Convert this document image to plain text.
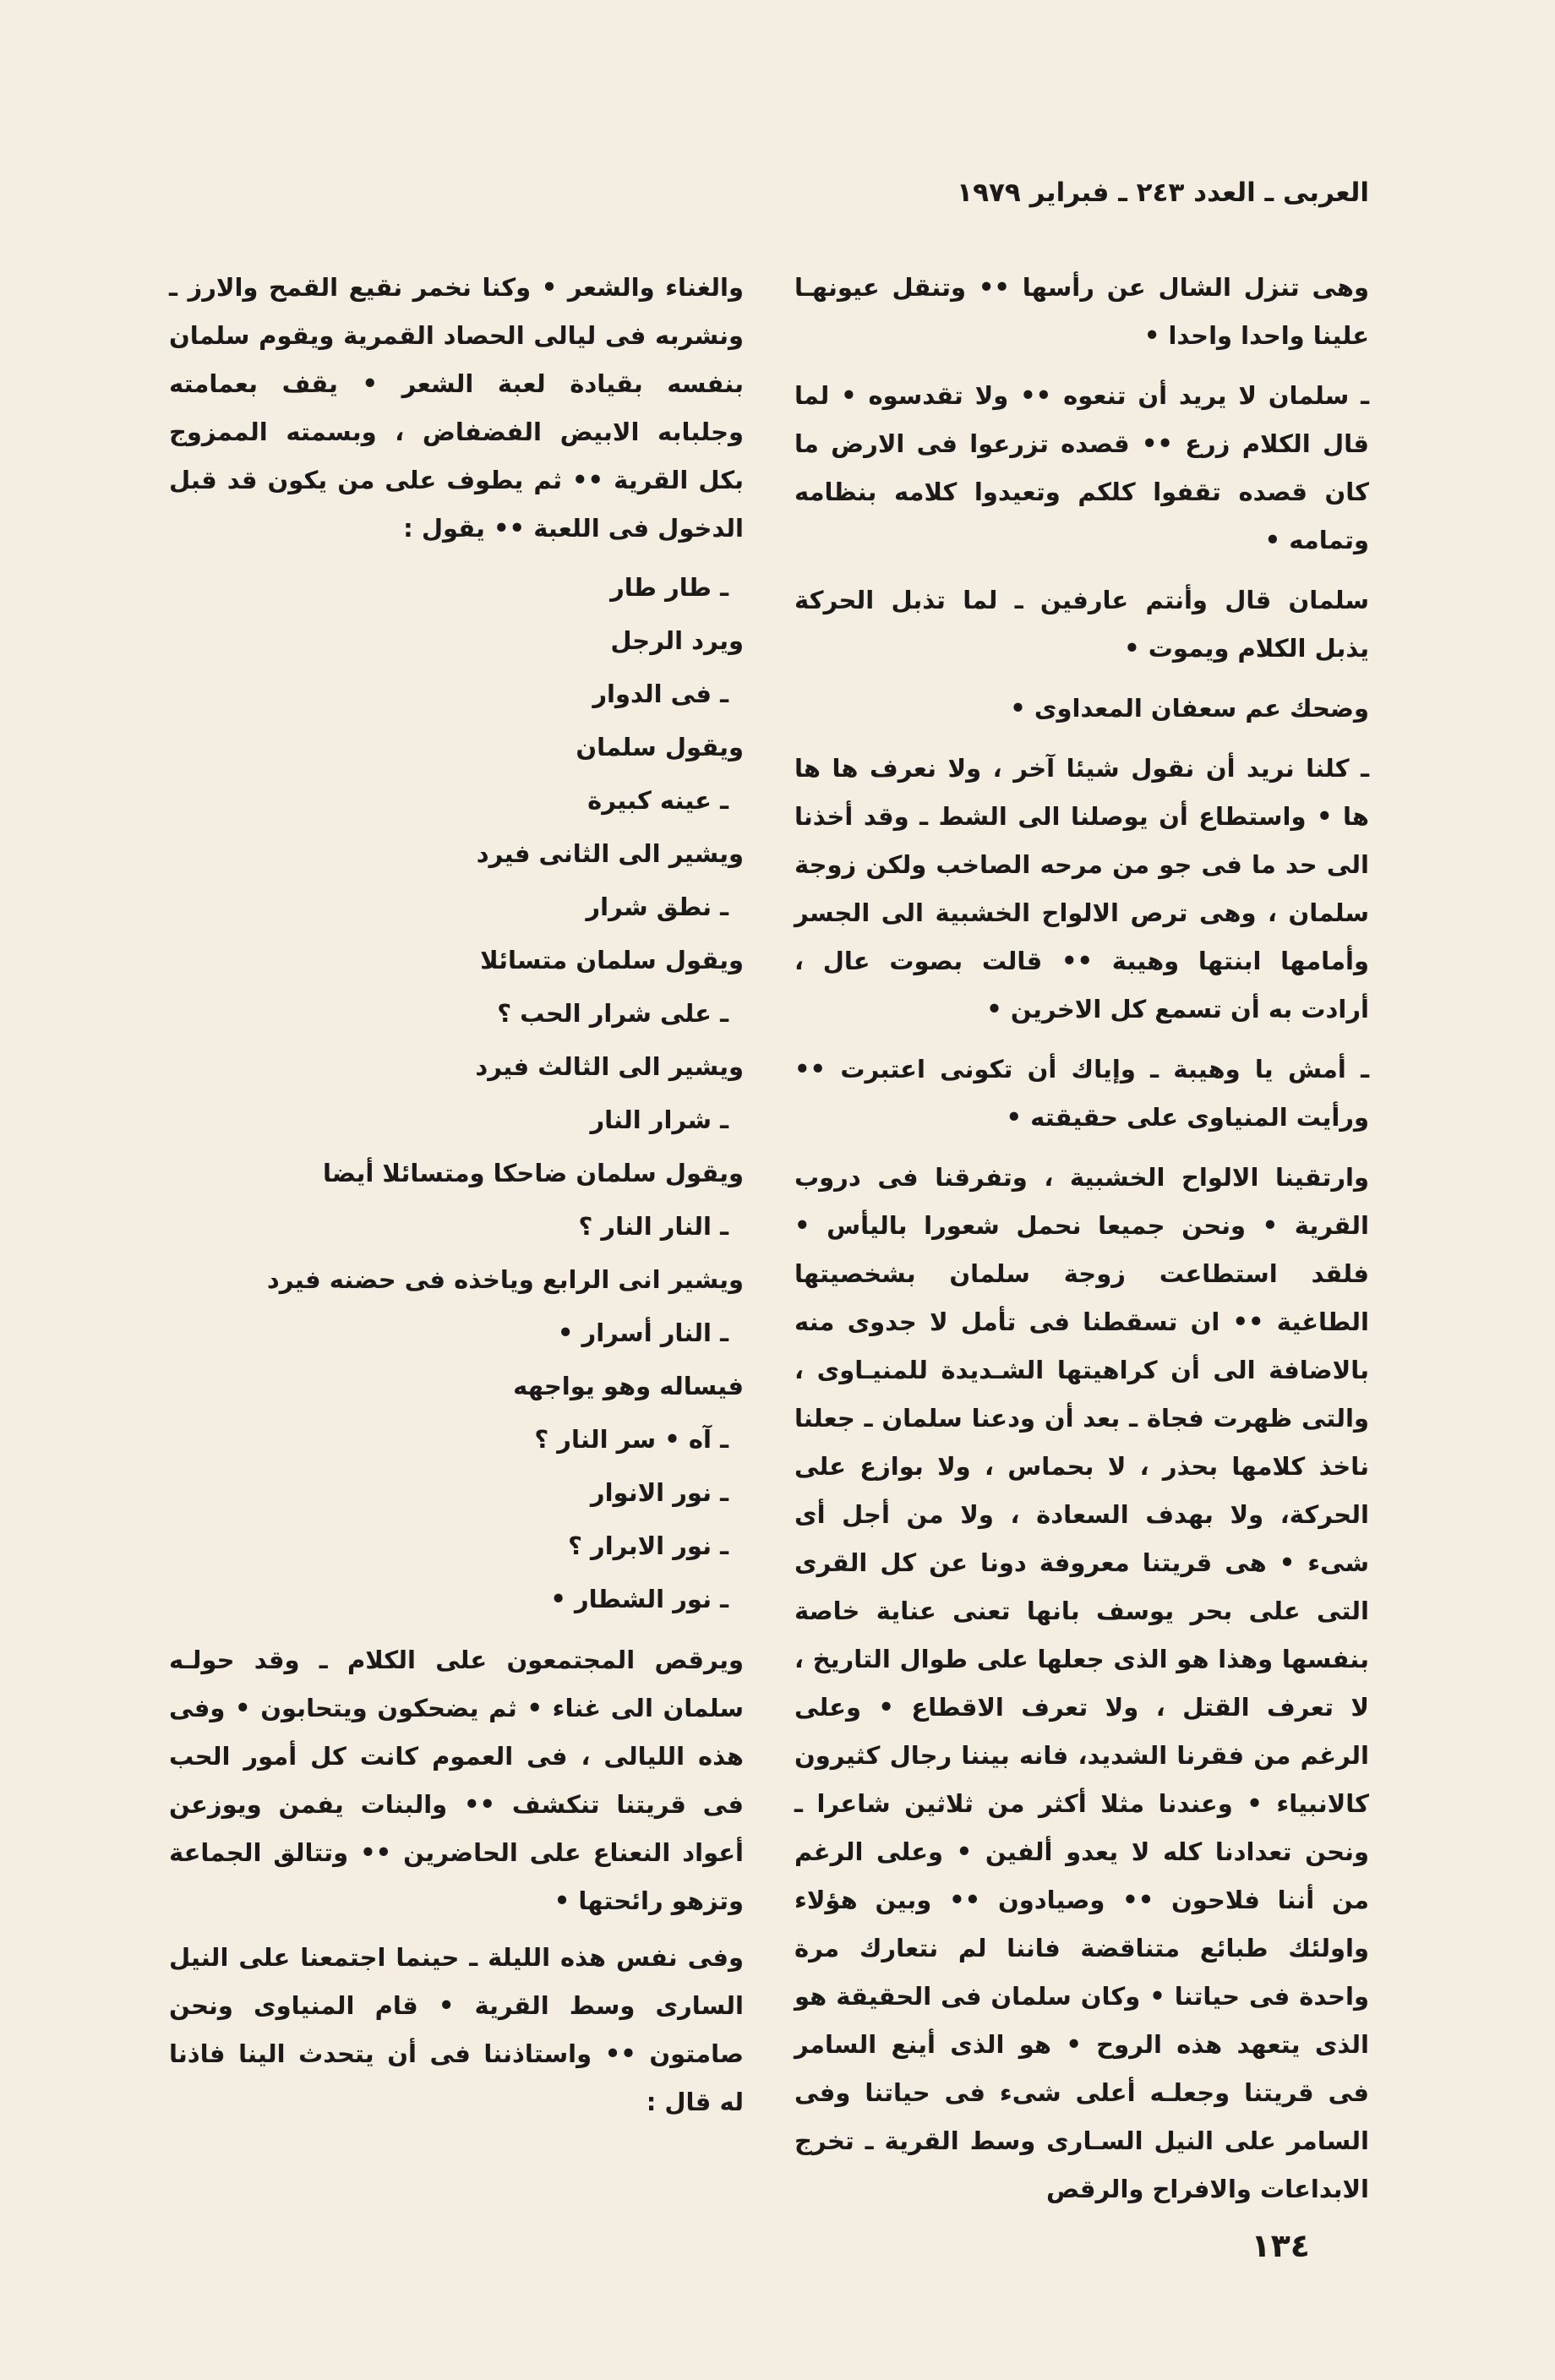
العربى ـ العدد ٢٤٣ ـ فبراير ١٩٧٩

وهى تنزل الشال عن رأسها •• وتنقل عيونهـا علينا واحدا واحدا •

ـ سلمان لا يريد أن تنعوه •• ولا تقدسوه • لما قال الكلام زرع •• قصده تزرعوا فى الارض ما كان قصده تقفوا كلكم وتعيدوا كلامه بنظامه وتمامه •

سلمان قال وأنتم عارفين ـ لما تذبل الحركة يذبل الكلام ويموت •

وضحك عم سعفان المعداوى •

ـ كلنا نريد أن نقول شيئا آخر ، ولا نعرف ها ها ها • واستطاع أن يوصلنا الى الشط ـ وقد أخذنا الى حد ما فى جو من مرحه الصاخب ولكن زوجة سلمان ، وهى ترص الالواح الخشبية الى الجسر وأمامها ابنتها وهيبة •• قالت بصوت عال ، أرادت به أن تسمع كل الاخرين •

ـ أمش يا وهيبة ـ وإياك أن تكونى اعتبرت •• ورأيت المنياوى على حقيقته •

وارتقينا الالواح الخشبية ، وتفرقنا فى دروب القرية • ونحن جميعا نحمل شعورا باليأس • فلقد استطاعت زوجة سلمان بشخصيتها الطاغية •• ان تسقطنا فى تأمل لا جدوى منه بالاضافة الى أن كراهيتها الشـديدة للمنيـاوى ، والتى ظهرت فجاة ـ بعد أن ودعنا سلمان ـ جعلنا ناخذ كلامها بحذر ، لا بحماس ، ولا بوازع على الحركة، ولا بهدف السعادة ، ولا من أجل أى شىء • هى قريتنا معروفة دونا عن كل القرى التى على بحر يوسف بانها تعنى عناية خاصة بنفسها وهذا هو الذى جعلها على طوال التاريخ ، لا تعرف القتل ، ولا تعرف الاقطاع • وعلى الرغم من فقرنا الشديد، فانه بيننا رجال كثيرون كالانبياء • وعندنا مثلا أكثر من ثلاثين شاعرا ـ ونحن تعدادنا كله لا يعدو ألفين • وعلى الرغم من أننا فلاحون •• وصيادون •• وبين هؤلاء واولئك طبائع متناقضة فاننا لم نتعارك مرة واحدة فى حياتنا • وكان سلمان فى الحقيقة هو الذى يتعهد هذه الروح • هو الذى أينع السامر فى قريتنا وجعلـه أعلى شىء فى حياتنا وفى السامر على النيل السـارى وسط القرية ـ تخرج الابداعات والافراح والرقص

والغناء والشعر • وكنا نخمر نقيع القمح والارز ـ ونشربه فى ليالى الحصاد القمرية ويقوم سلمان بنفسه بقيادة لعبة الشعر • يقف بعمامته وجلبابه الابيض الفضفاض ، وبسمته الممزوج بكل القرية •• ثم يطوف على من يكون قد قبل الدخول فى اللعبة •• يقول :

ـ طار طار

ويرد الرجل

ـ فى الدوار

ويقول سلمان

ـ عينه كبيرة

ويشير الى الثانى فيرد

ـ نطق شرار

ويقول سلمان متسائلا

ـ على شرار الحب ؟

ويشير الى الثالث فيرد

ـ شرار النار

ويقول سلمان ضاحكا ومتسائلا أيضا

ـ النار النار ؟

ويشير انى الرابع وياخذه فى حضنه فيرد

ـ النار أسرار •

فيساله وهو يواجهه

ـ آه • سر النار ؟

ـ نور الانوار

ـ نور الابرار ؟

ـ نور الشطار •

ويرقص المجتمعون على الكلام ـ وقد حولـه سلمان الى غناء • ثم يضحكون ويتحابون • وفى هذه الليالى ، فى العموم كانت كل أمور الحب فى قريتنا تنكشف •• والبنات يفمن ويوزعن أعواد النعناع على الحاضرين •• وتتالق الجماعة وتزهو رائحتها •

وفى نفس هذه الليلة ـ حينما اجتمعنا على النيل السارى وسط القرية • قام المنياوى ونحن صامتون •• واستاذننا فى أن يتحدث الينا فاذنا له قال :

١٣٤
